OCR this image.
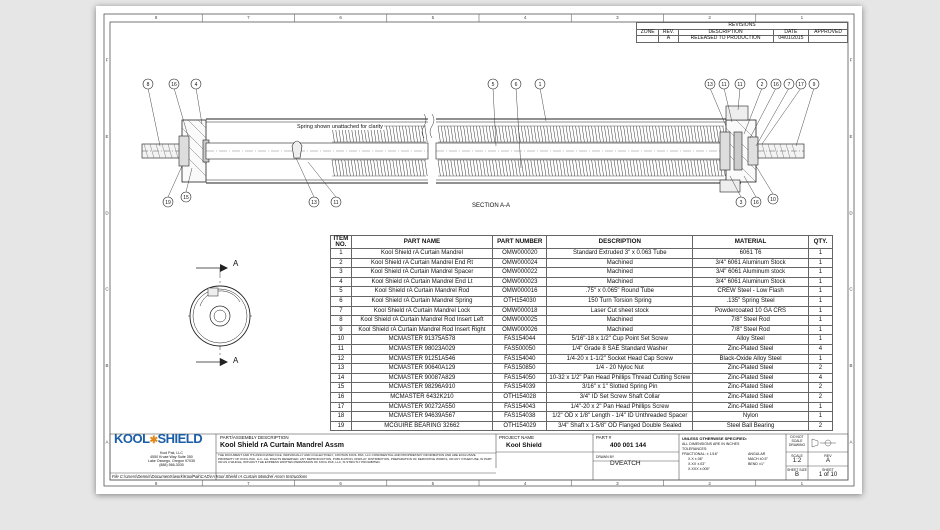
8
8
7
7
6
6
5
5
4
4
3
3
2
2
1
1
F	F
E	E
D	D
C	C
B	B
A	A
8	16	4	5	6	1	13 11 11	2 16 7 17 9
19
15
13	11	3 16 10
Spring shown unattached for clarity
SECTION A-A
A
A
REVISIONS				
ZONE	REV.	DESCRIPTION	DATE	APPROVED
	A	RELEASED TO PRODUCTION	04/01/2015	
ITEM NO.	PART NAME	PART NUMBER	DESCRIPTION	MATERIAL	QTY.
1	Kool Shield rA Curtain Mandrel	OMW000020	Standard Extruded 3" x 0.063 Tube	6061 T6	1
2	Kool Shield rA Curtain Mandrel End Rt	OMW000024	Machined	3/4" 6061 Aluminum Stock	1
3	Kool Shield rA Curtain Mandrel Spacer	OMW000022	Machined	3/4" 6061 Aluminum stock	1
4	Kool Shield rA Curtain Mandrel End Lt	OMW000023	Machined	3/4" 6061 Aluminum Stock	1
5	Kool Shield rA Curtain Mandrel Rod	OMW000016	.75" x 0.065" Round Tube	CREW Steel - Low Flash	1
6	Kool Shield rA Curtain Mandrel Spring	OTH154030	150 Turn Torsion Spring	.135" Spring Steel	1
7	Kool Shield rA Curtain Mandrel Lock	OMW000018	Laser Cut sheet stock	Powdercoated 10 GA CRS	1
8	Kool Shield rA Curtain Mandrel Rod Insert Left	OMW000025	Machined	7/8" Steel Rod	1
9	Kool Shield rA Curtain Mandrel Rod Insert Right	OMW000026	Machined	7/8" Steel Rod	1
10	MCMASTER 91375A578	FAS154044	5/16"-18 x 1/2" Cup Point Set Screw	Alloy Steel	1
11	MCMASTER 98023A029	FAS500050	1/4" Grade 8 SAE Standard Washer	Zinc-Plated Steel	4
12	MCMASTER 91251A546	FAS154040	1/4-20 x 1-1/2" Socket Head Cap Screw	Black-Oxide Alloy Steel	1
13	MCMASTER 90640A129	FAS150850	1/4 - 20 Nyloc Nut	Zinc-Plated Steel	2
14	MCMASTER 90087A829	FAS154050	10-32 x 1/2" Pan Head Phillips Thread Cutting Screw	Zinc-Plated Steel	4
15	MCMASTER 98296A910	FAS154039	3/16" x 1" Slotted Spring Pin	Zinc-Plated Steel	2
16	MCMASTER 6432K210	OTH154028	3/4" ID Set Screw Shaft Collar	Zinc-Plated Steel	2
17	MCMASTER 90272A550	FAS154043	1/4"-20 x 2" Pan Head Phillips Screw	Zinc-Plated Steel	1
18	MCMASTER 94639A567	FAS154038	1/2" OD x 1/8" Length - 1/4" ID Unthreaded Spacer	Nylon	1
19	MCGUIRE BEARING 32662	OTH154029	3/4" Shaft x 1-5/8" OD Flanged Double Sealed	Steel Ball Bearing	2
KOOL✱SHIELD
Kool Pak, LLC
4550 Kruse Way Suite 350
Lake Oswego, Oregon 97035
(888) 566-3030
PART/ASSEMBLY DESCRIPTION
Kool Shield rA Curtain Mandrel Assm
THE DOCUMENT AND ITS ASSOCIATED FILE, INDIVIDUALLY AND COLLECTIVELY, CONTAIN KOOL PAK, LLC CONFIDENTIAL AND PROPRIETARY INFORMATION AND ARE EXCLUSIVE PROPERTY OF KOOL PAK, LLC. ALL RIGHTS RESERVED. ANY REPRODUCTION, PUBLICATION, DISPLAY, DISTRIBUTION, PREPARATION OF DERIVATIVE WORKS, OR ANY OTHER USE, IN PART OR AS A WHOLE, WITHOUT THE EXPRESS WRITTEN PERMISSION OF KOOL PAK, LLC, IS STRICTLY PROHIBITED.
PROJECT NAME
Kool Shield
PART #
400 001 144
DRAWN BY
DVEATCH
UNLESS OTHERWISE SPECIFIED:
ALL DIMENSIONS ARE IN INCHES
TOLERANCES:
FRACTIONAL: ± 1/16"	ANGULAR
X.X ±.06"
X.XX ±.03"
X.XXX ±.005"
MACH ±0.5°
BEND ±1°
DO NOT SCALE DRAWING
SCALE
1:2
REV
A
SHEET SIZE
B
SHEET
1 of 10
File C:\Users\Dennis\Documents\work\KoolPak\CAD\rA Kool Shield rA Curtain Mandrel Assm Instructions
